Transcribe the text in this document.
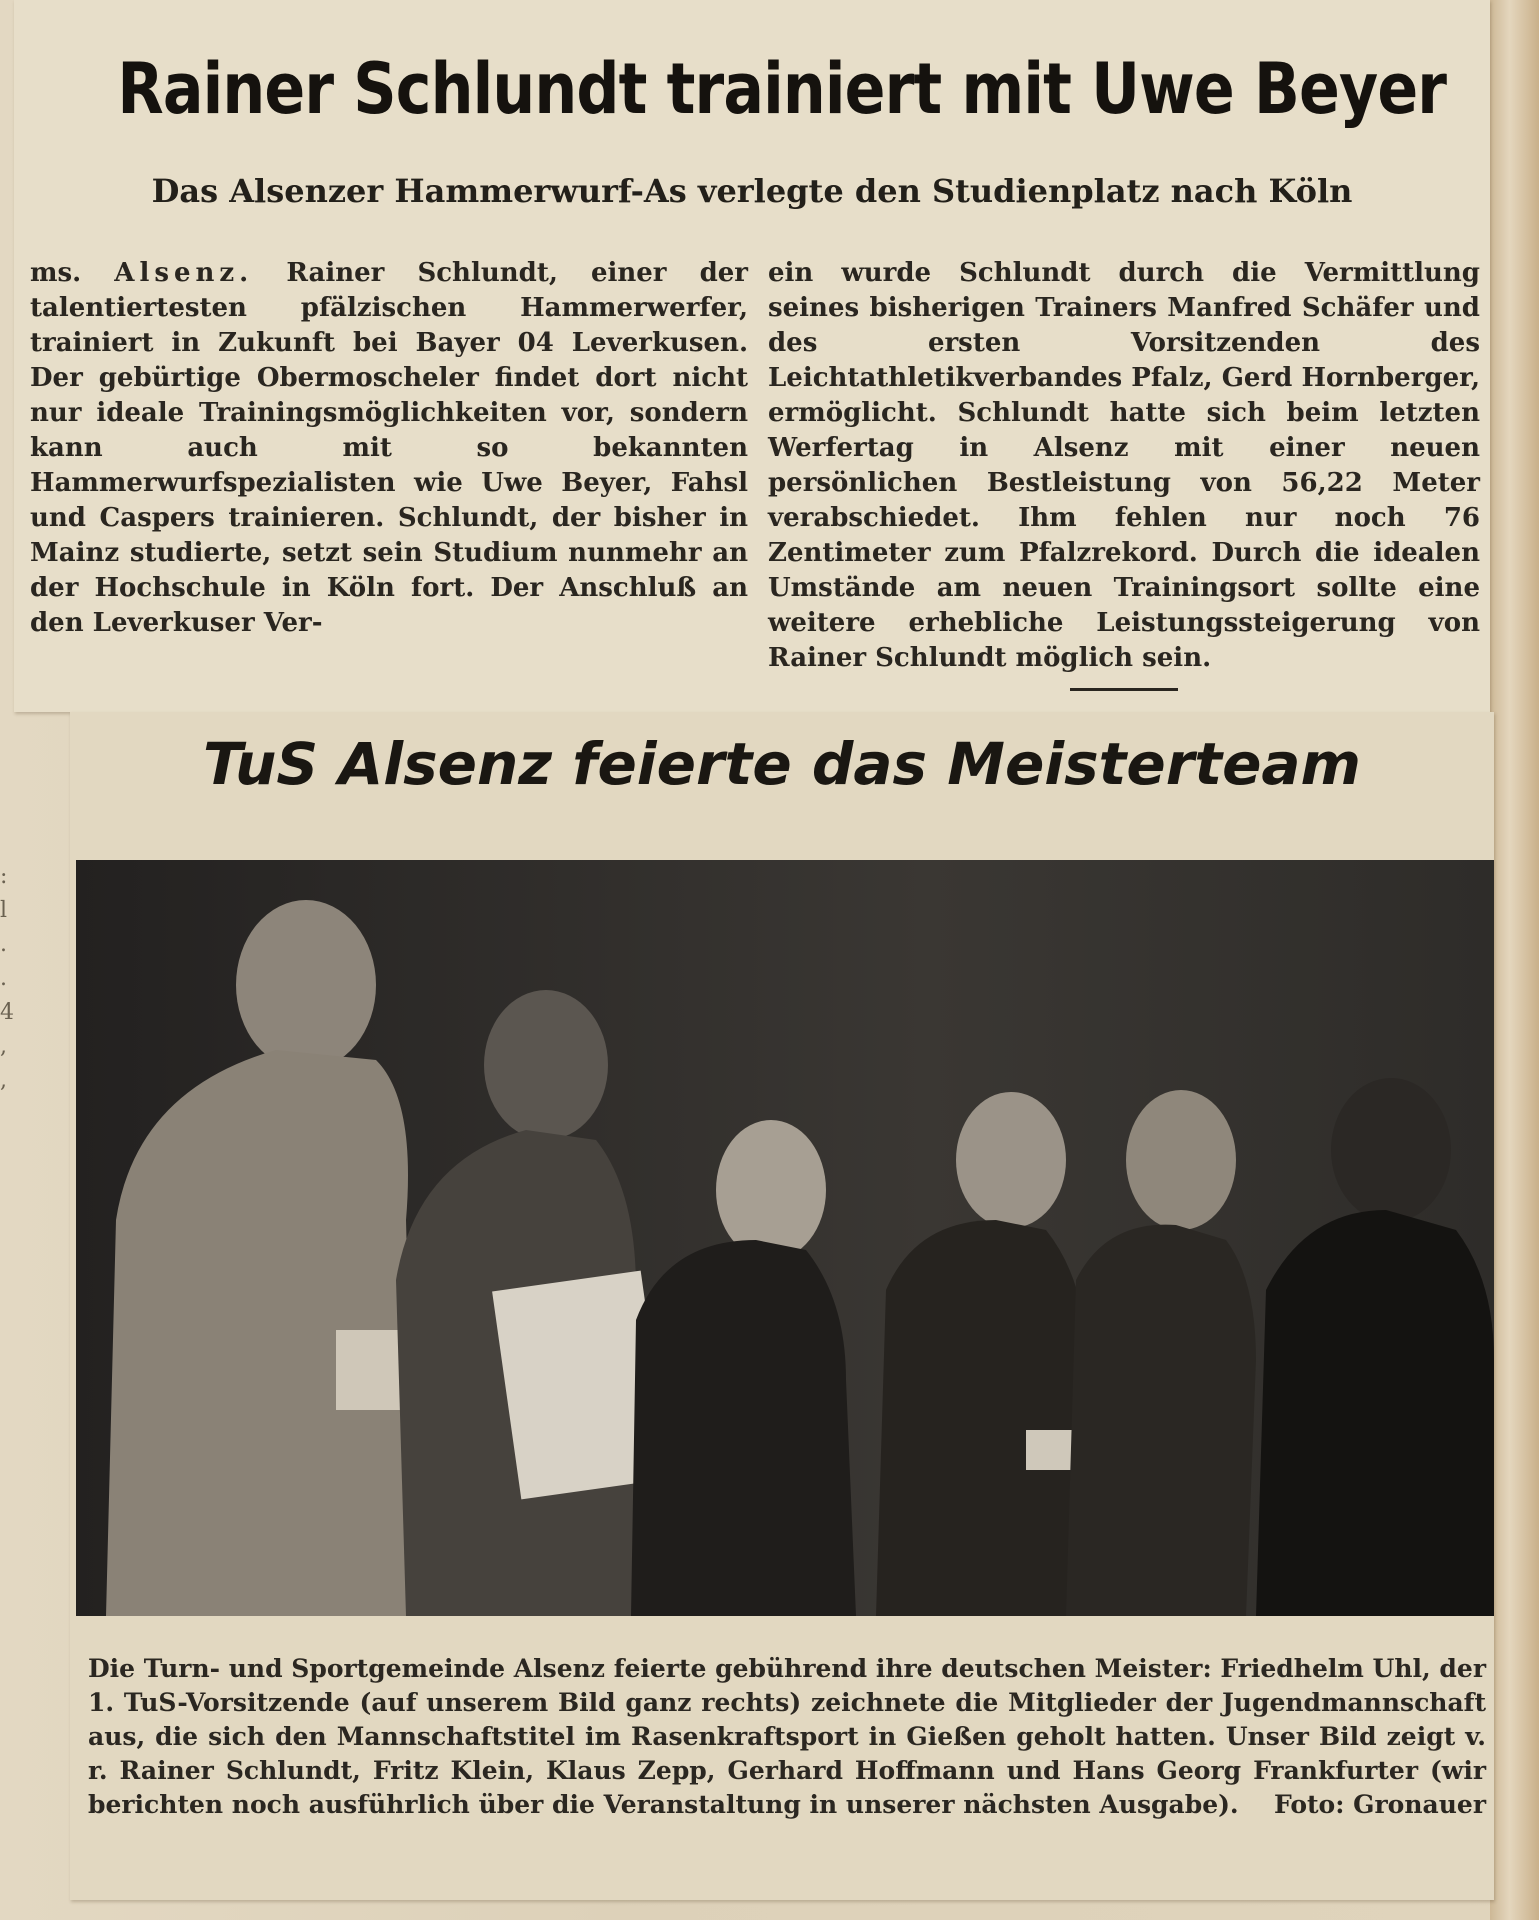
: l . . 4 , ,
Rainer Schlundt trainiert mit Uwe Beyer
Das Alsenzer Hammerwurf-As verlegte den Studienplatz nach Köln

ms. Alsenz. Rainer Schlundt, einer der talentiertesten pfälzischen Hammerwerfer, trainiert in Zukunft bei Bayer 04 Leverkusen. Der gebürtige Obermoscheler findet dort nicht nur ideale Trainingsmöglichkeiten vor, sondern kann auch mit so bekannten Hammerwurfspezialisten wie Uwe Beyer, Fahsl und Caspers trainieren. Schlundt, der bisher in Mainz studierte, setzt sein Studium nunmehr an der Hochschule in Köln fort. Der Anschluß an den Leverkuser Ver-

ein wurde Schlundt durch die Vermittlung seines bisherigen Trainers Manfred Schäfer und des ersten Vorsitzenden des Leichtathletikverbandes Pfalz, Gerd Hornberger, ermöglicht. Schlundt hatte sich beim letzten Werfertag in Alsenz mit einer neuen persönlichen Bestleistung von 56,22 Meter verabschiedet. Ihm fehlen nur noch 76 Zentimeter zum Pfalzrekord. Durch die idealen Umstände am neuen Trainingsort sollte eine weitere erhebliche Leistungssteigerung von Rainer Schlundt möglich sein.

TuS Alsenz feierte das Meisterteam

Die Turn- und Sportgemeinde Alsenz feierte gebührend ihre deutschen Meister: Friedhelm Uhl, der 1. TuS-Vorsitzende (auf unserem Bild ganz rechts) zeichnete die Mitglieder der Jugendmannschaft aus, die sich den Mannschaftstitel im Rasenkraftsport in Gießen geholt hatten. Unser Bild zeigt v. r. Rainer Schlundt, Fritz Klein, Klaus Zepp, Gerhard Hoffmann und Hans Georg Frankfurter (wir berichten noch ausführlich über die Veranstaltung in unserer nächsten Ausgabe). Foto: Gronauer
